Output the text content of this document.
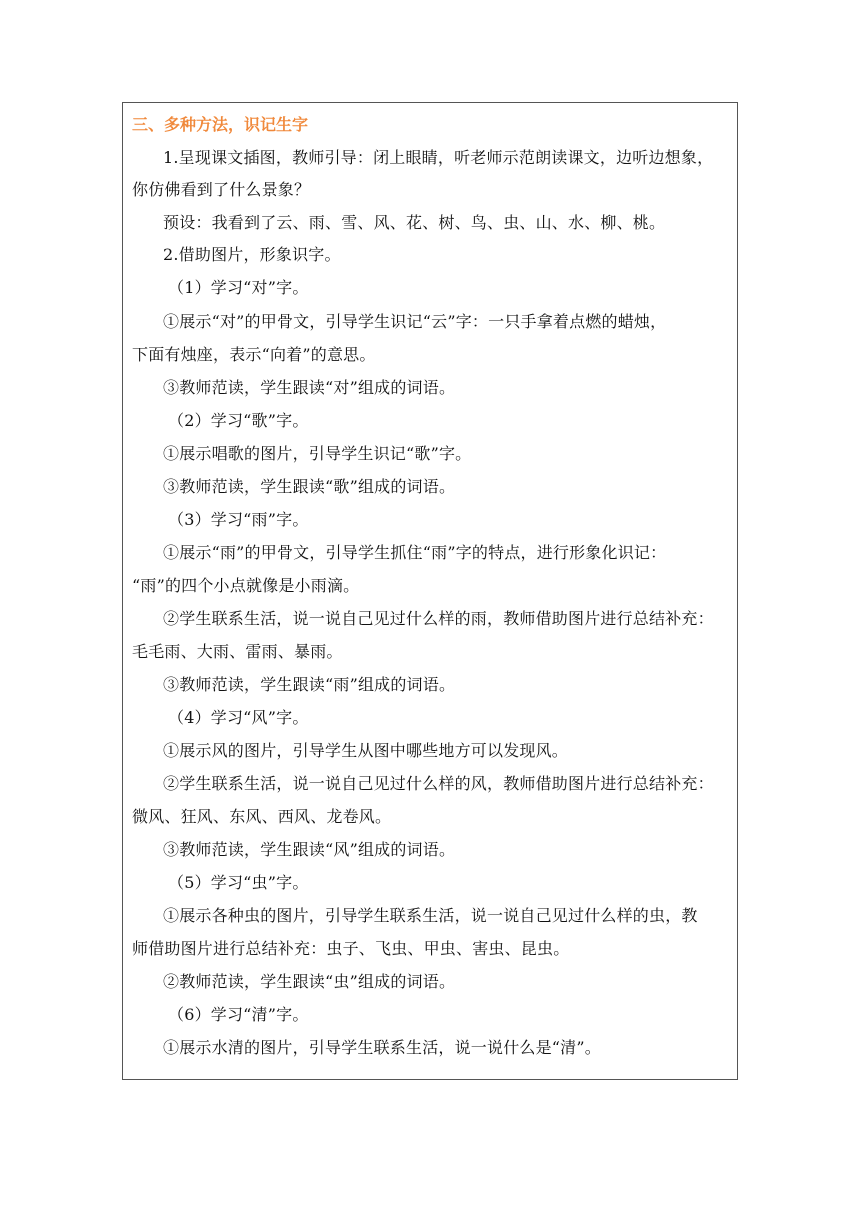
三、多种方法，识记生字
1.呈现课文插图，教师引导：闭上眼睛，听老师示范朗读课文，边听边想象，
你仿佛看到了什么景象？
预设：我看到了云、雨、雪、风、花、树、鸟、虫、山、水、柳、桃。
2.借助图片，形象识字。
（1）学习“对”字。
①展示“对”的甲骨文，引导学生识记“云”字：一只手拿着点燃的蜡烛，
下面有烛座，表示“向着”的意思。
③教师范读，学生跟读“对”组成的词语。
（2）学习“歌”字。
①展示唱歌的图片，引导学生识记“歌”字。
③教师范读，学生跟读“歌”组成的词语。
（3）学习“雨”字。
①展示“雨”的甲骨文，引导学生抓住“雨”字的特点，进行形象化识记：
“雨”的四个小点就像是小雨滴。
②学生联系生活，说一说自己见过什么样的雨，教师借助图片进行总结补充：
毛毛雨、大雨、雷雨、暴雨。
③教师范读，学生跟读“雨”组成的词语。
（4）学习“风”字。
①展示风的图片，引导学生从图中哪些地方可以发现风。
②学生联系生活，说一说自己见过什么样的风，教师借助图片进行总结补充：
微风、狂风、东风、西风、龙卷风。
③教师范读，学生跟读“风”组成的词语。
（5）学习“虫”字。
①展示各种虫的图片，引导学生联系生活，说一说自己见过什么样的虫，教
师借助图片进行总结补充：虫子、飞虫、甲虫、害虫、昆虫。
②教师范读，学生跟读“虫”组成的词语。
（6）学习“清”字。
①展示水清的图片，引导学生联系生活，说一说什么是“清”。
